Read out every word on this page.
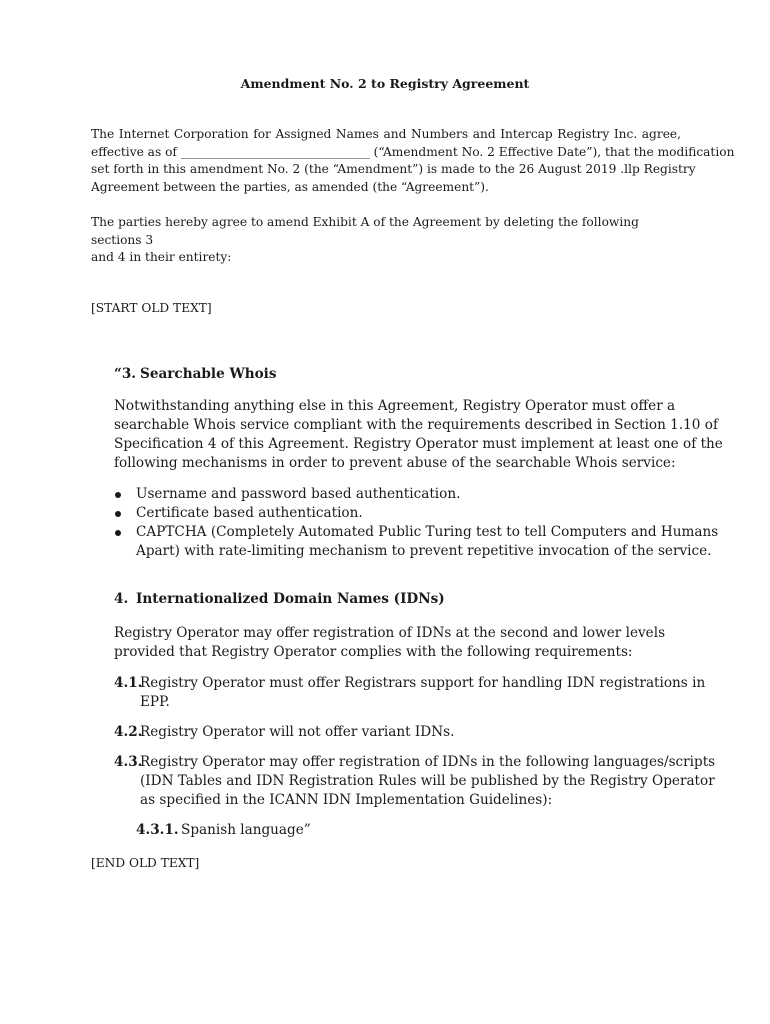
Amendment No. 2 to Registry Agreement
The Internet Corporation for Assigned Names and Numbers and Intercap Registry Inc. agree,
effective as of _______________________________ (“Amendment No. 2 Effective Date”), that the modification
set forth in this amendment No. 2 (the “Amendment”) is made to the 26 August 2019 .llp Registry
Agreement between the parties, as amended (the “Agreement”).
The parties hereby agree to amend Exhibit A of the Agreement by deleting the following sections 3
and 4 in their entirety:
[START OLD TEXT]
“3. Searchable Whois
Notwithstanding anything else in this Agreement, Registry Operator must offer a
searchable Whois service compliant with the requirements described in Section 1.10 of
Specification 4 of this Agreement. Registry Operator must implement at least one of the
following mechanisms in order to prevent abuse of the searchable Whois service:
Username and password based authentication.
Certificate based authentication.
CAPTCHA (Completely Automated Public Turing test to tell Computers and Humans
Apart) with rate-limiting mechanism to prevent repetitive invocation of the service.
4. Internationalized Domain Names (IDNs)
Registry Operator may offer registration of IDNs at the second and lower levels
provided that Registry Operator complies with the following requirements:
4.1.
Registry Operator must offer Registrars support for handling IDN registrations in
EPP.
4.2.
Registry Operator will not offer variant IDNs.
4.3.
Registry Operator may offer registration of IDNs in the following languages/scripts
(IDN Tables and IDN Registration Rules will be published by the Registry Operator
as specified in the ICANN IDN Implementation Guidelines):
4.3.1. Spanish language”
[END OLD TEXT]
